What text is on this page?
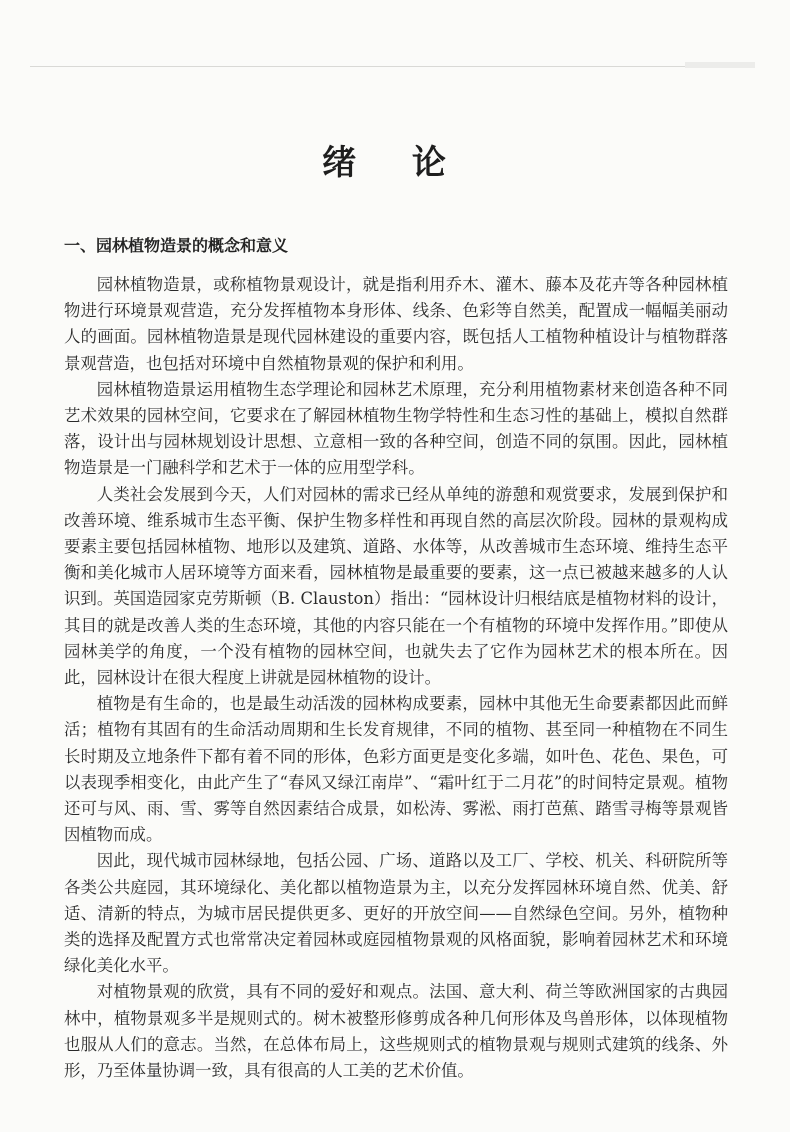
绪 论
一、园林植物造景的概念和意义

园林植物造景，或称植物景观设计，就是指利用乔木、灌木、藤本及花卉等各种园林植物进行环境景观营造，充分发挥植物本身形体、线条、色彩等自然美，配置成一幅幅美丽动人的画面。园林植物造景是现代园林建设的重要内容，既包括人工植物种植设计与植物群落景观营造，也包括对环境中自然植物景观的保护和利用。

园林植物造景运用植物生态学理论和园林艺术原理，充分利用植物素材来创造各种不同艺术效果的园林空间，它要求在了解园林植物生物学特性和生态习性的基础上，模拟自然群落，设计出与园林规划设计思想、立意相一致的各种空间，创造不同的氛围。因此，园林植物造景是一门融科学和艺术于一体的应用型学科。

人类社会发展到今天，人们对园林的需求已经从单纯的游憩和观赏要求，发展到保护和改善环境、维系城市生态平衡、保护生物多样性和再现自然的高层次阶段。园林的景观构成要素主要包括园林植物、地形以及建筑、道路、水体等，从改善城市生态环境、维持生态平衡和美化城市人居环境等方面来看，园林植物是最重要的要素，这一点已被越来越多的人认识到。英国造园家克劳斯顿（B. Clauston）指出：“园林设计归根结底是植物材料的设计，其目的就是改善人类的生态环境，其他的内容只能在一个有植物的环境中发挥作用。”即使从园林美学的角度，一个没有植物的园林空间，也就失去了它作为园林艺术的根本所在。因此，园林设计在很大程度上讲就是园林植物的设计。

植物是有生命的，也是最生动活泼的园林构成要素，园林中其他无生命要素都因此而鲜活；植物有其固有的生命活动周期和生长发育规律，不同的植物、甚至同一种植物在不同生长时期及立地条件下都有着不同的形体，色彩方面更是变化多端，如叶色、花色、果色，可以表现季相变化，由此产生了“春风又绿江南岸”、“霜叶红于二月花”的时间特定景观。植物还可与风、雨、雪、雾等自然因素结合成景，如松涛、雾淞、雨打芭蕉、踏雪寻梅等景观皆因植物而成。

因此，现代城市园林绿地，包括公园、广场、道路以及工厂、学校、机关、科研院所等各类公共庭园，其环境绿化、美化都以植物造景为主，以充分发挥园林环境自然、优美、舒适、清新的特点，为城市居民提供更多、更好的开放空间——自然绿色空间。另外，植物种类的选择及配置方式也常常决定着园林或庭园植物景观的风格面貌，影响着园林艺术和环境绿化美化水平。

对植物景观的欣赏，具有不同的爱好和观点。法国、意大利、荷兰等欧洲国家的古典园林中，植物景观多半是规则式的。树木被整形修剪成各种几何形体及鸟兽形体，以体现植物也服从人们的意志。当然，在总体布局上，这些规则式的植物景观与规则式建筑的线条、外形，乃至体量协调一致，具有很高的人工美的艺术价值。
